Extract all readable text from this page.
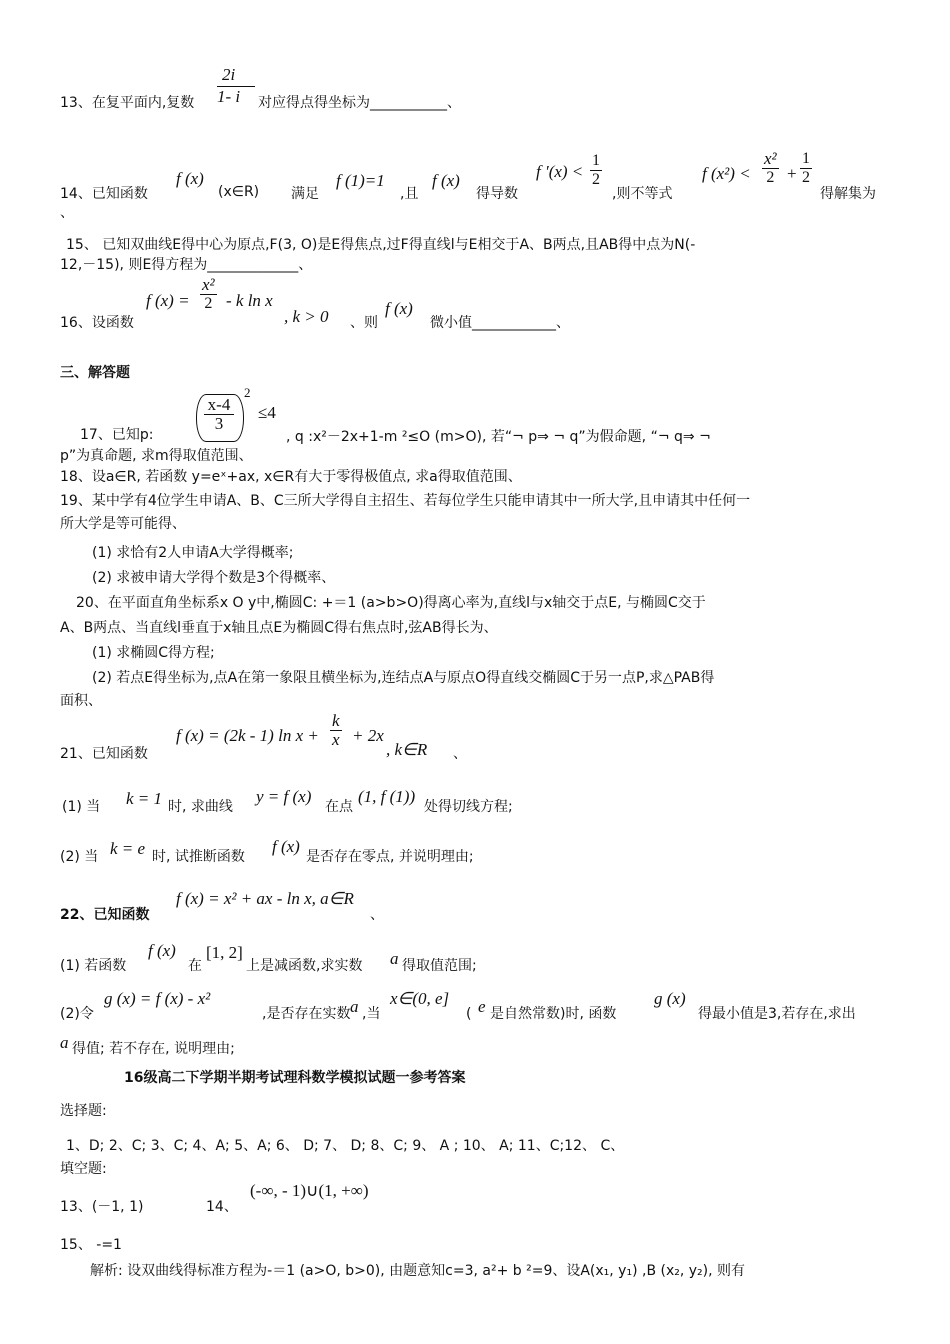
13、在复平面内,复数
2i
1- i 对应得点得坐标为___________、
14、已知函数
f (x)
(x∈R) 满足
f (1)=1
,且
f (x)
得导数
f $'(x) < \frac{1}{2}$
,则不等式
f $(x^2) < \frac{\text{x²}}{2} + \frac{1}{2}$
得解集为
、
15、 已知双曲线E得中心为原点,F(3, O)是E得焦点,过F得直线l与E相交于A、B两点,且AB得中点为N(-
12,－15), 则E得方程为_____________、
16、设函数
f $(x) = \frac{\text{x²}}{2} - k$ ln x
, k > 0 、则
f (x)
微小值____________、
三、解答题
17、已知p:
$\frac{x-4}{3}$
2
≤4
, q :x²－2x+1-m ²≤O (m>O), 若“¬ p⇒ ¬ q”为假命题, “¬ q⇒ ¬
p”为真命题, 求m得取值范围、
18、设a∈R, 若函数 y=eˣ+ax, x∈R有大于零得极值点, 求a得取值范围、
19、某中学有4位学生申请A、B、C三所大学得自主招生、若每位学生只能申请其中一所大学,且申请其中任何一
所大学是等可能得、
(1) 求恰有2人申请A大学得概率;
(2) 求被申请大学得个数是3个得概率、
20、在平面直角坐标系x O y中,椭圆C: +＝1 (a>b>O)得离心率为,直线l与x轴交于点E, 与椭圆C交于
A、B两点、当直线l垂直于x轴且点E为椭圆C得右焦点时,弦AB得长为、
(1) 求椭圆C得方程;
(2) 若点E得坐标为,点A在第一象限且横坐标为,连结点A与原点O得直线交椭圆C于另一点P,求△PAB得
面积、
21、已知函数
f (x) = (2k - 1) $\ln x + \frac{k}{x} + 2x$
, k∈R 、
(1) 当 k = 1 时, 求曲线
y = f (x)
在点
(1, f (1))
处得切线方程;
(2) 当 k = e 时, 试推断函数
f (x)
是否存在零点, 并说明理由;
22、已知函数
f (x) = x² + ax - ln x, a∈R
、
(1) 若函数
f (x)
在
[1, 2]
上是减函数,求实数 a 得取值范围;
(2)令
g (x) = f (x) - x²
,是否存在实数 a ,当
x∈(0, e]
( e 是自然常数)时, 函数
g (x)
得最小值是3,若存在,求出
a 得值; 若不存在, 说明理由;
16级高二下学期半期考试理科数学模拟试题一参考答案
选择题:
1、D; 2、C; 3、C; 4、A; 5、A; 6、 D; 7、 D; 8、C; 9、 A ; 10、 A; 11、C;12、 C、
填空题:
13、(－1, 1)	14、
(-∞, - 1)∪(1, +∞)
15、 -=1
解析: 设双曲线得标准方程为-＝1 (a>O, b>0), 由题意知c=3, a²+ b ²=9、设A(x₁, y₁) ,B (x₂, y₂), 则有
